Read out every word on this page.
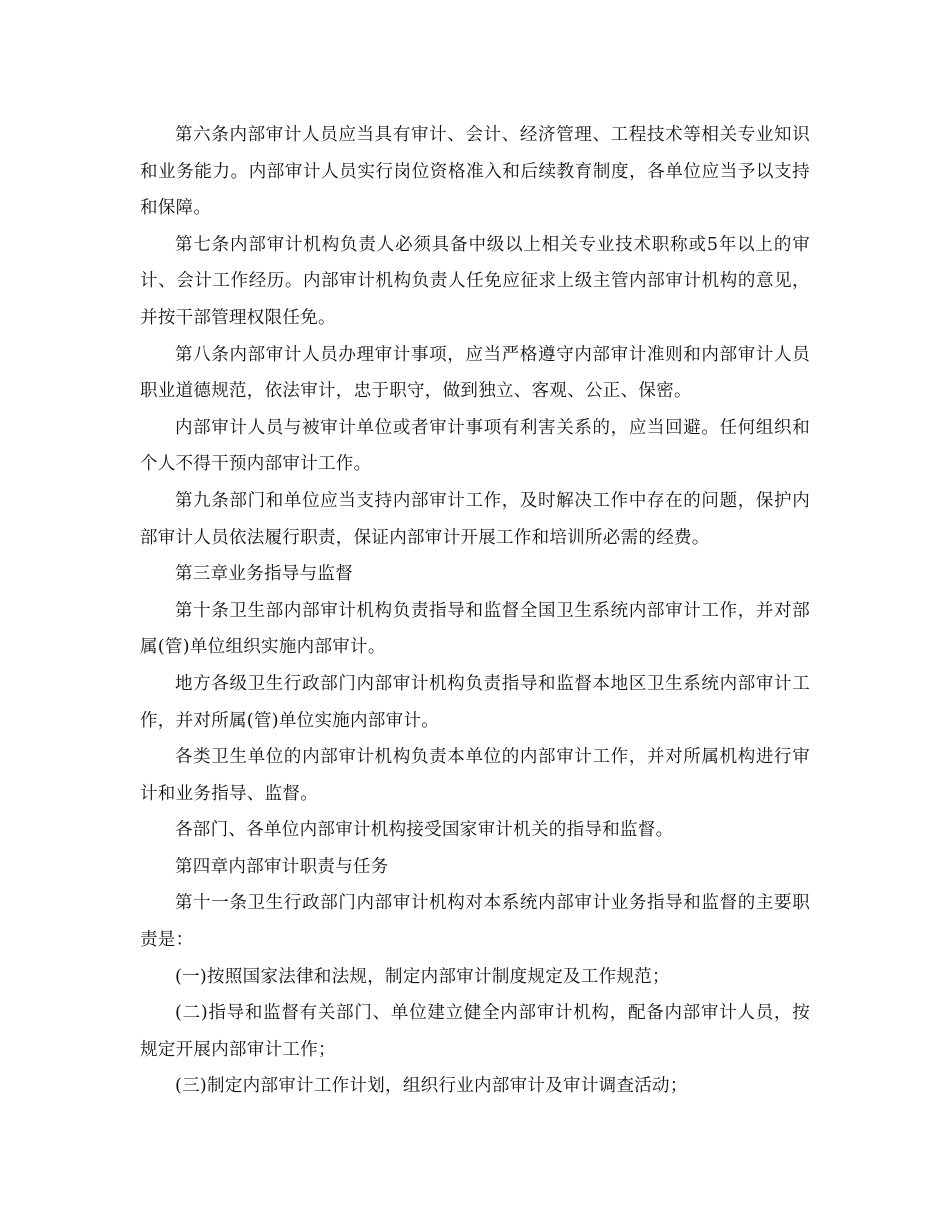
第六条内部审计人员应当具有审计、会计、经济管理、工程技术等相关专业知识和业务能力。内部审计人员实行岗位资格准入和后续教育制度，各单位应当予以支持和保障。

第七条内部审计机构负责人必须具备中级以上相关专业技术职称或5年以上的审计、会计工作经历。内部审计机构负责人任免应征求上级主管内部审计机构的意见，并按干部管理权限任免。

第八条内部审计人员办理审计事项，应当严格遵守内部审计准则和内部审计人员职业道德规范，依法审计，忠于职守，做到独立、客观、公正、保密。

内部审计人员与被审计单位或者审计事项有利害关系的，应当回避。任何组织和个人不得干预内部审计工作。

第九条部门和单位应当支持内部审计工作，及时解决工作中存在的问题，保护内部审计人员依法履行职责，保证内部审计开展工作和培训所必需的经费。

第三章业务指导与监督

第十条卫生部内部审计机构负责指导和监督全国卫生系统内部审计工作，并对部属(管)单位组织实施内部审计。

地方各级卫生行政部门内部审计机构负责指导和监督本地区卫生系统内部审计工作，并对所属(管)单位实施内部审计。

各类卫生单位的内部审计机构负责本单位的内部审计工作，并对所属机构进行审计和业务指导、监督。

各部门、各单位内部审计机构接受国家审计机关的指导和监督。

第四章内部审计职责与任务

第十一条卫生行政部门内部审计机构对本系统内部审计业务指导和监督的主要职责是：

(一)按照国家法律和法规，制定内部审计制度规定及工作规范；

(二)指导和监督有关部门、单位建立健全内部审计机构，配备内部审计人员，按规定开展内部审计工作；

(三)制定内部审计工作计划，组织行业内部审计及审计调查活动；
